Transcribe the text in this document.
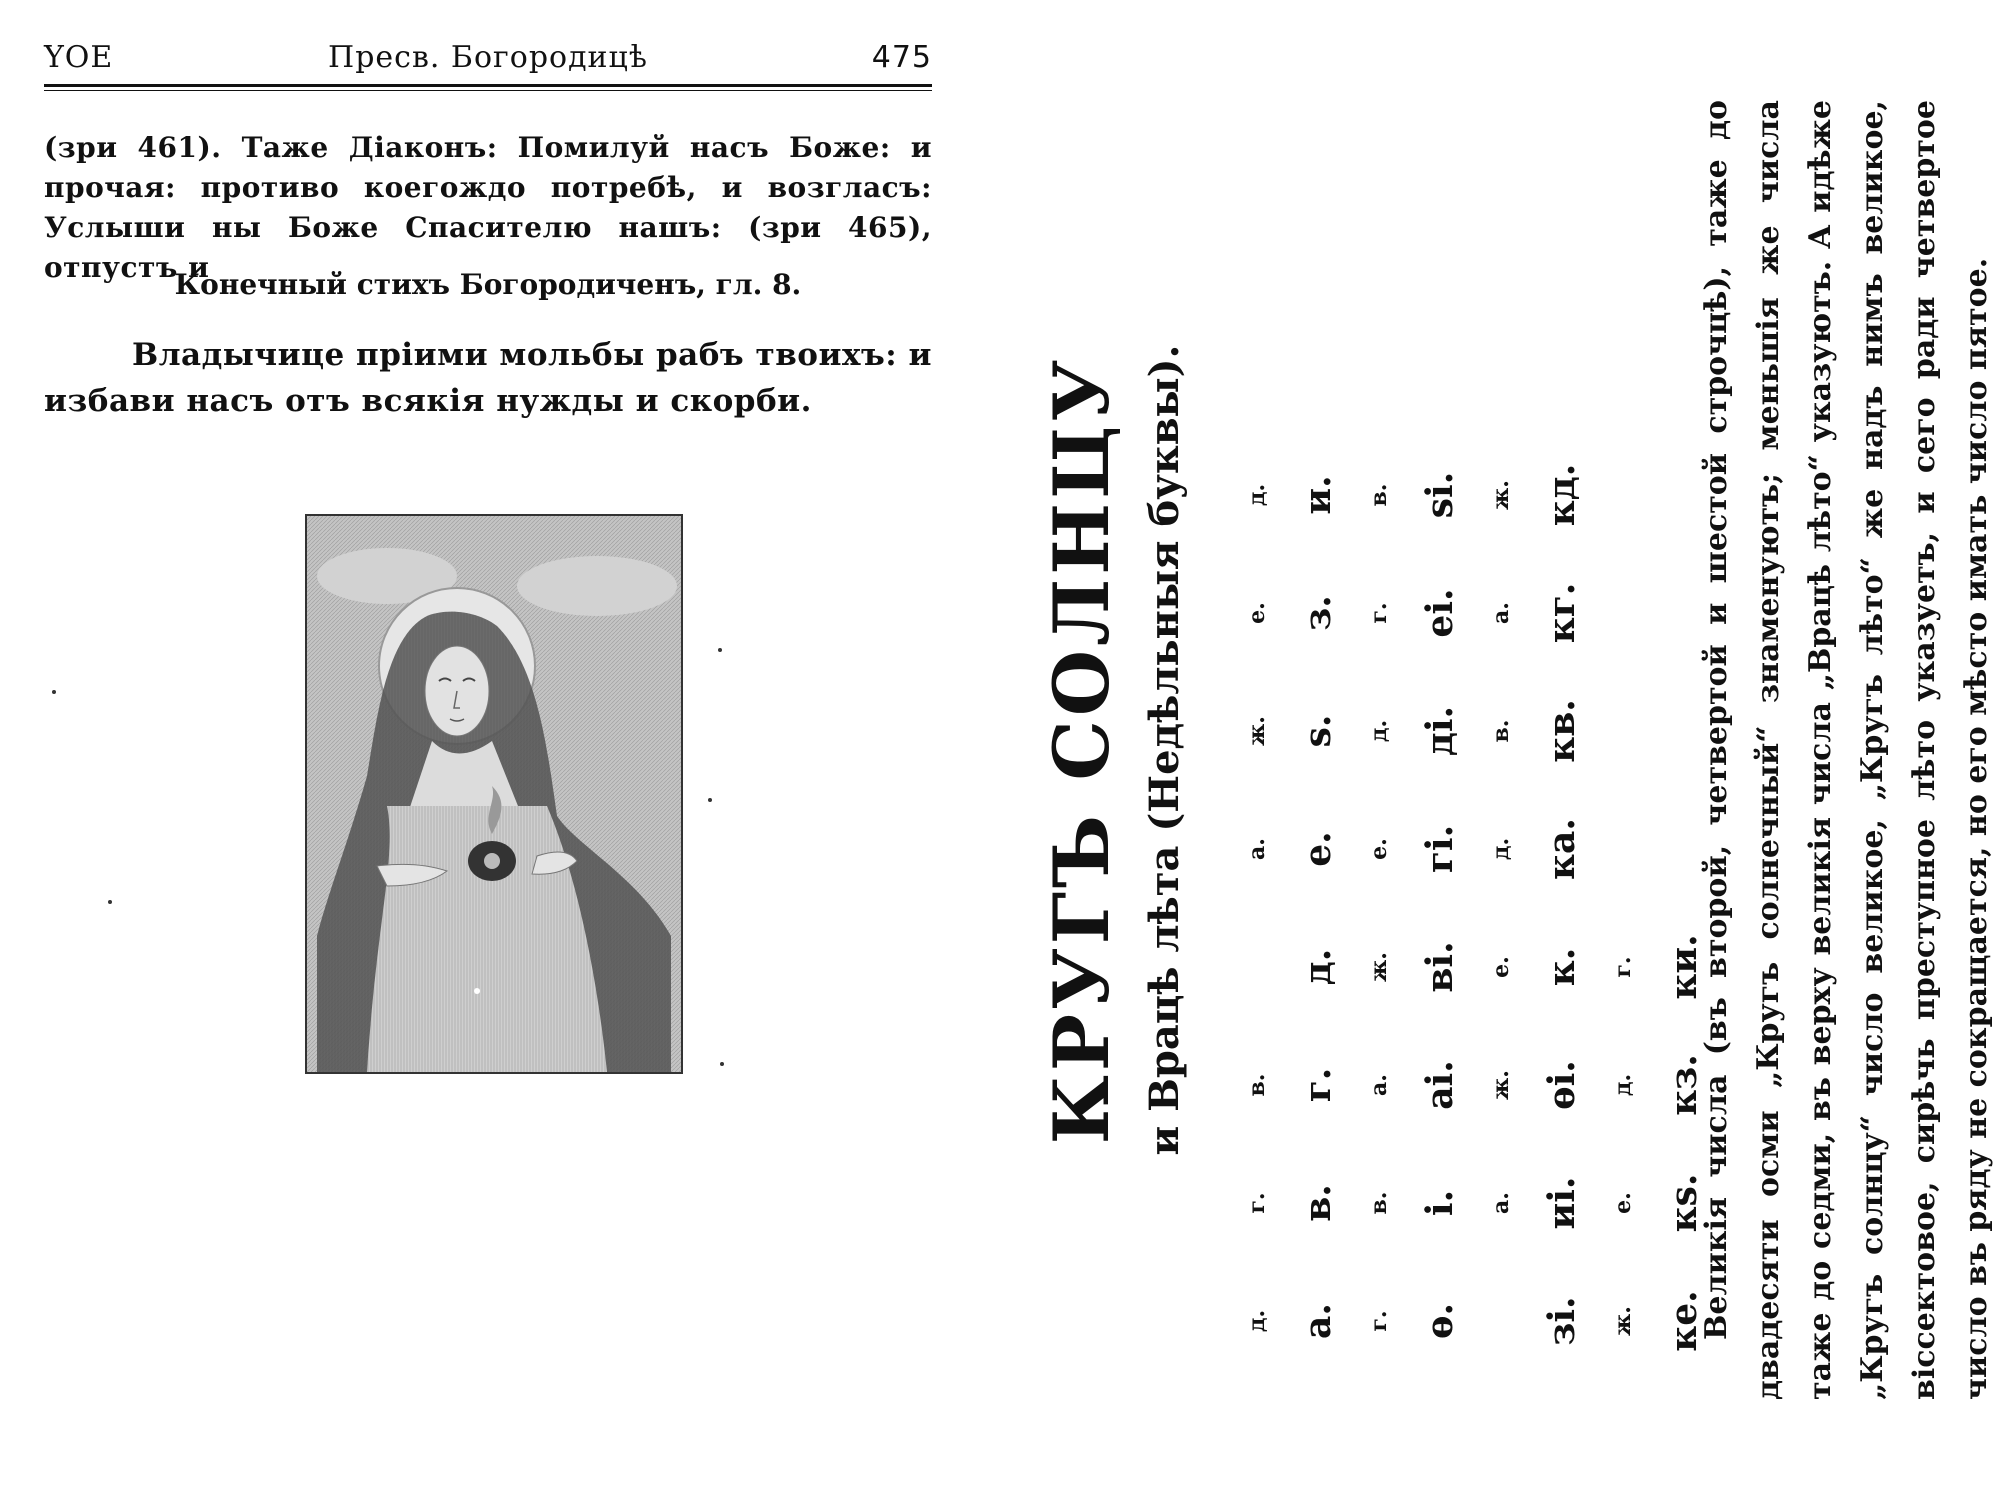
ҮОЕ	Пресв. Богородицѣ	475
(зри 461). Таже Діаконъ: Помилуй насъ Боже: и прочая: противо коегождо потребѣ, и возгласъ: Услыши ны Боже Спасителю нашъ: (зри 465), отпустъ и
Конечный стихъ Богородиченъ, гл. 8.
Владычице пріими мольбы рабъ твоихъ: и избави насъ отъ всякія нужды и скорби.	КРУГЪ СОЛНЦУ и Врацѣ лѣта (Недѣльныя буквы).
д.	г.	в.		а.	ж.	е.	д.
а.	в.	г.	д.	е.	ѕ.	з.	и.
г.	в.	а.	ж.	е.	д.	г.	в.
ѳ.	і.	аі.	ві.	гі.	ді.	еі.	ѕі.
	а.	ж.	е.	д.	в.	а.	ж.
зі.	иі.	ѳі.	к.	ка.	кв.	кг.	кд.
ж.	е.	д.	г.				
ке.	кѕ.	кз.	ки.				
Великія числа (въ второй, четвертой и шестой строчцѣ), таже до двадесяти осми „Кругъ солнечный“ знаменуютъ; меньшія же числа таже до седми, въ верху великія числа „Врацѣ лѣто“ указуютъ. А идѣже „Кругъ солнцу“ число великое, „Кругъ лѣто“ же надъ нимъ великое, віссектовое, сирѣчь преступное лѣто указуетъ, и сего ради четвертое число въ ряду не сокращается, но его мѣсто имать число пятое.
